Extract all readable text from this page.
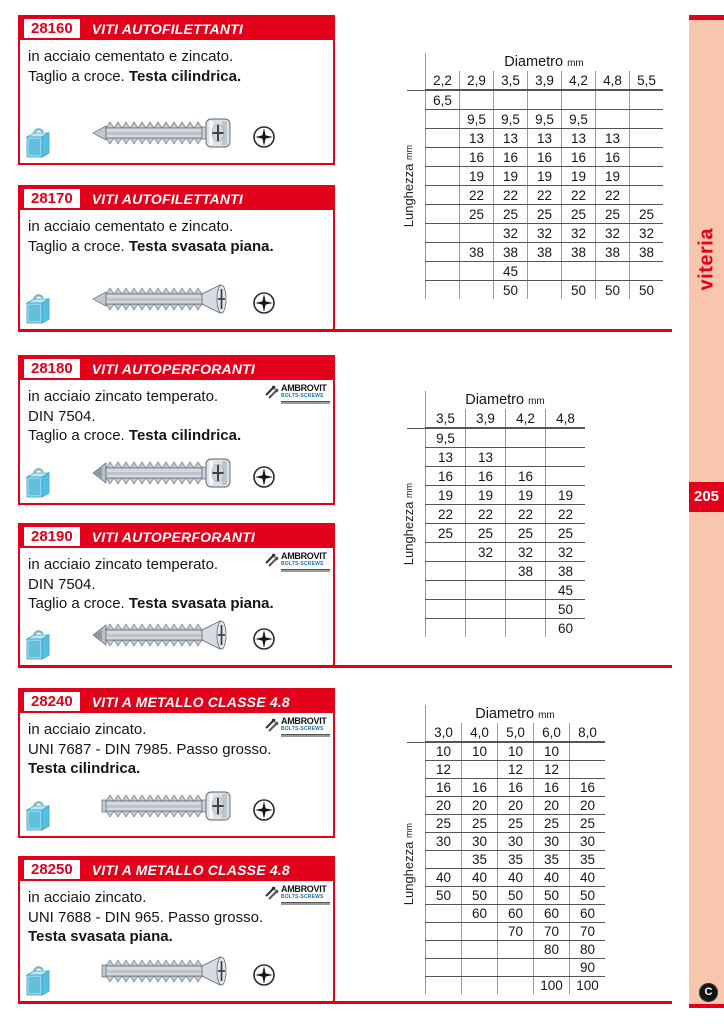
28160	VITI AUTOFILETTANTI
in acciaio cementato e zincato.
Taglio a croce. Testa cilindrica.
28170	VITI AUTOFILETTANTI
in acciaio cementato e zincato.
Taglio a croce. Testa svasata piana.
28180	VITI AUTOPERFORANTI
in acciaio zincato temperato.
DIN 7504.
Taglio a croce. Testa cilindrica.
AMBROVIT
BOLTS-SCREWS
28190	VITI AUTOPERFORANTI
in acciaio zincato temperato.
DIN 7504.
Taglio a croce. Testa svasata piana.
AMBROVIT
BOLTS-SCREWS
28240	VITI A METALLO CLASSE 4.8
in acciaio zincato.
UNI 7687 - DIN 7985. Passo grosso.
Testa cilindrica.
AMBROVIT
BOLTS-SCREWS
28250	VITI A METALLO CLASSE 4.8
in acciaio zincato.
UNI 7688 - DIN 965. Passo grosso.
Testa svasata piana.
AMBROVIT
BOLTS-SCREWS
Diametro mm
2,2	2,9	3,5	3,9	4,2	4,8	5,5
6,5						
	9,5	9,5	9,5	9,5		
	13	13	13	13	13	
	16	16	16	16	16	
	19	19	19	19	19	
	22	22	22	22	22	
	25	25	25	25	25	25
		32	32	32	32	32
	38	38	38	38	38	38
		45				
		50		50	50	50
Lunghezza mm
Diametro mm
3,5	3,9	4,2	4,8
9,5			
13	13		
16	16	16	
19	19	19	19
22	22	22	22
25	25	25	25
	32	32	32
		38	38
			45
			50
			60
Lunghezza mm
Diametro mm
3,0	4,0	5,0	6,0	8,0
10	10	10	10	
12		12	12	
16	16	16	16	16
20	20	20	20	20
25	25	25	25	25
30	30	30	30	30
	35	35	35	35
40	40	40	40	40
50	50	50	50	50
	60	60	60	60
		70	70	70
			80	80
				90
			100	100
Lunghezza mm
viteria
205
C
